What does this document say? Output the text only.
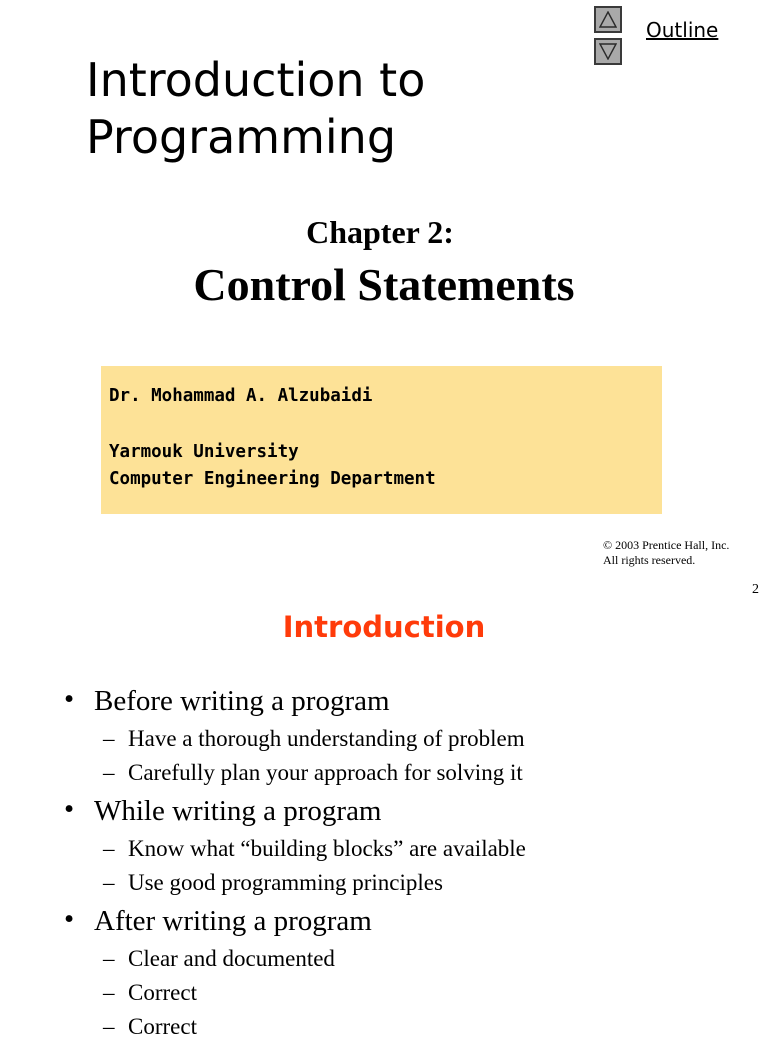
Outline
Introduction to
Programming
Chapter 2:
Control Statements
Dr. Mohammad A. Alzubaidi
Yarmouk University
Computer Engineering Department
© 2003 Prentice Hall, Inc.
All rights reserved.
2
Introduction
• Before writing a program
– Have a thorough understanding of problem
– Carefully plan your approach for solving it
• While writing a program
– Know what “building blocks” are available
– Use good programming principles
• After writing a program
– Clear and documented
– Correct
– Correct
